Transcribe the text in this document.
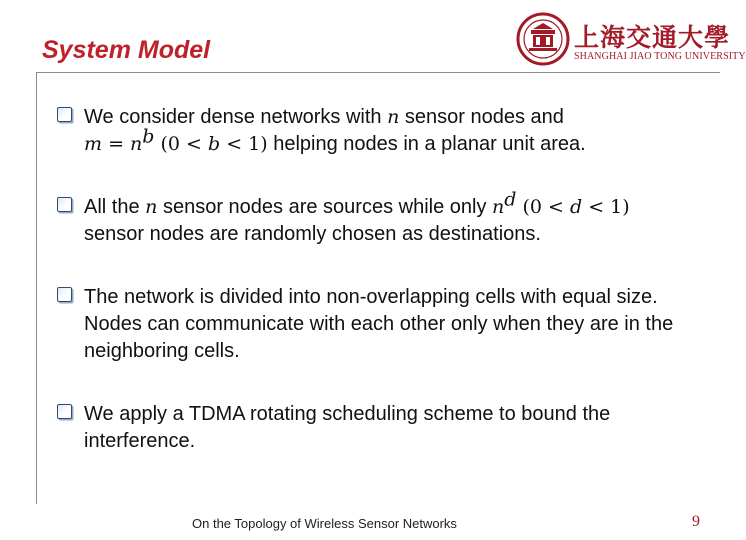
System Model	上海交通大學
SHANGHAI JIAO TONG UNIVERSITY
We consider dense networks with n sensor nodes and
$m = n^b$ (0 < b < 1) helping nodes in a planar unit area.
All the n sensor nodes are sources while only $n^d$ (0 < d < 1)
sensor nodes are randomly chosen as destinations.
The network is divided into non-overlapping cells with equal size. Nodes can communicate with each other only when they are in the neighboring cells.
We apply a TDMA rotating scheduling scheme to bound the interference.
On the Topology of Wireless Sensor Networks	9
